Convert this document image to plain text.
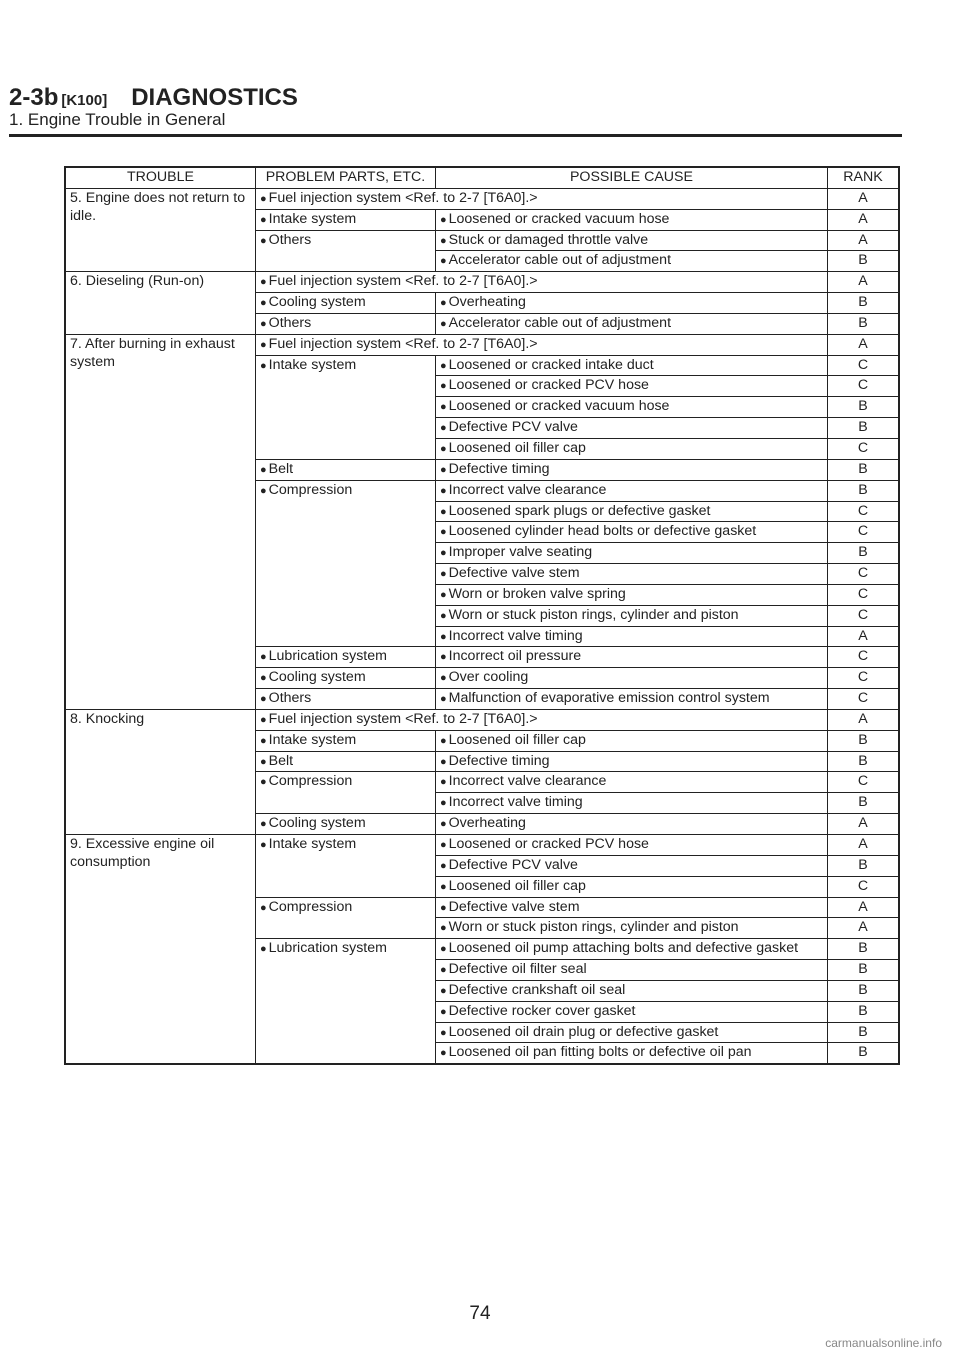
2-3b [K100] DIAGNOSTICS
1. Engine Trouble in General
TROUBLE	PROBLEM PARTS, ETC.	POSSIBLE CAUSE	RANK
5. Engine does not return to idle.	● Fuel injection system <Ref. to 2-7 [T6A0].>		A
	● Intake system	● Loosened or cracked vacuum hose	A
	● Others	● Stuck or damaged throttle valve	A
		● Accelerator cable out of adjustment	B
6. Dieseling (Run-on)	● Fuel injection system <Ref. to 2-7 [T6A0].>		A
	● Cooling system	● Overheating	B
	● Others	● Accelerator cable out of adjustment	B
7. After burning in exhaust system	● Fuel injection system <Ref. to 2-7 [T6A0].>		A
	● Intake system	● Loosened or cracked intake duct	C
		● Loosened or cracked PCV hose	C
		● Loosened or cracked vacuum hose	B
		● Defective PCV valve	B
		● Loosened oil filler cap	C
	● Belt	● Defective timing	B
	● Compression	● Incorrect valve clearance	B
		● Loosened spark plugs or defective gasket	C
		● Loosened cylinder head bolts or defective gasket	C
		● Improper valve seating	B
		● Defective valve stem	C
		● Worn or broken valve spring	C
		● Worn or stuck piston rings, cylinder and piston	C
		● Incorrect valve timing	A
	● Lubrication system	● Incorrect oil pressure	C
	● Cooling system	● Over cooling	C
	● Others	● Malfunction of evaporative emission control system	C
8. Knocking	● Fuel injection system <Ref. to 2-7 [T6A0].>		A
	● Intake system	● Loosened oil filler cap	B
	● Belt	● Defective timing	B
	● Compression	● Incorrect valve clearance	C
		● Incorrect valve timing	B
	● Cooling system	● Overheating	A
9. Excessive engine oil consumption	● Intake system	● Loosened or cracked PCV hose	A
		● Defective PCV valve	B
		● Loosened oil filler cap	C
	● Compression	● Defective valve stem	A
		● Worn or stuck piston rings, cylinder and piston	A
	● Lubrication system	● Loosened oil pump attaching bolts and defective gasket	B
		● Defective oil filter seal	B
		● Defective crankshaft oil seal	B
		● Defective rocker cover gasket	B
		● Loosened oil drain plug or defective gasket	B
		● Loosened oil pan fitting bolts or defective oil pan	B
74
carmanualsonline.info
